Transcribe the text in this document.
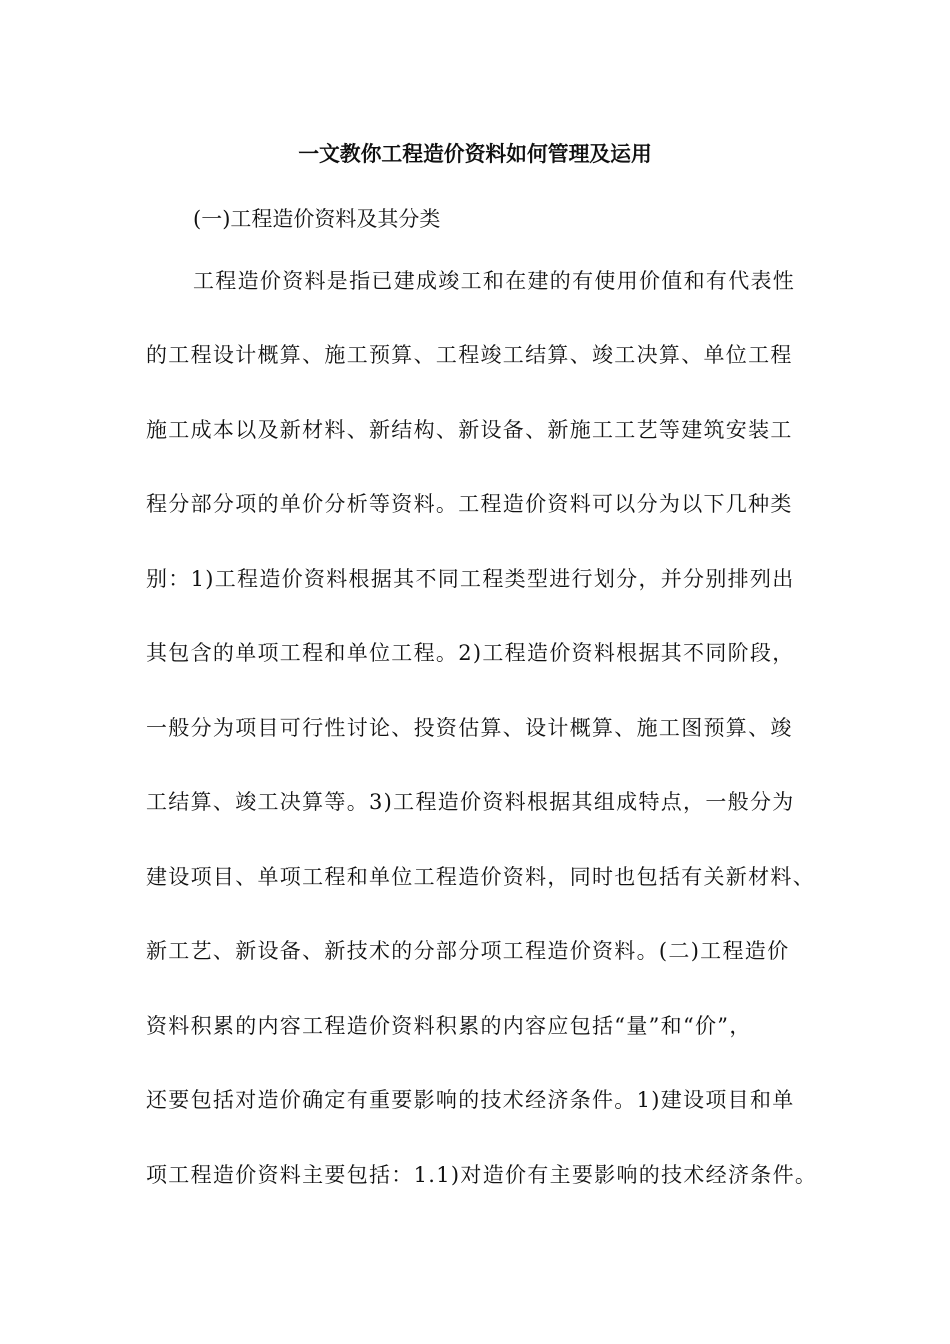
一文教你工程造价资料如何管理及运用

(一)工程造价资料及其分类

工程造价资料是指已建成竣工和在建的有使用价值和有代表性

的工程设计概算、施工预算、工程竣工结算、竣工决算、单位工程

施工成本以及新材料、新结构、新设备、新施工工艺等建筑安装工

程分部分项的单价分析等资料。工程造价资料可以分为以下几种类

别：1)工程造价资料根据其不同工程类型进行划分，并分别排列出

其包含的单项工程和单位工程。2)工程造价资料根据其不同阶段，

一般分为项目可行性讨论、投资估算、设计概算、施工图预算、竣

工结算、竣工决算等。3)工程造价资料根据其组成特点，一般分为

建设项目、单项工程和单位工程造价资料，同时也包括有关新材料、

新工艺、新设备、新技术的分部分项工程造价资料。(二)工程造价

资料积累的内容工程造价资料积累的内容应包括“量”和“价”，

还要包括对造价确定有重要影响的技术经济条件。1)建设项目和单

项工程造价资料主要包括：1.1)对造价有主要影响的技术经济条件。
